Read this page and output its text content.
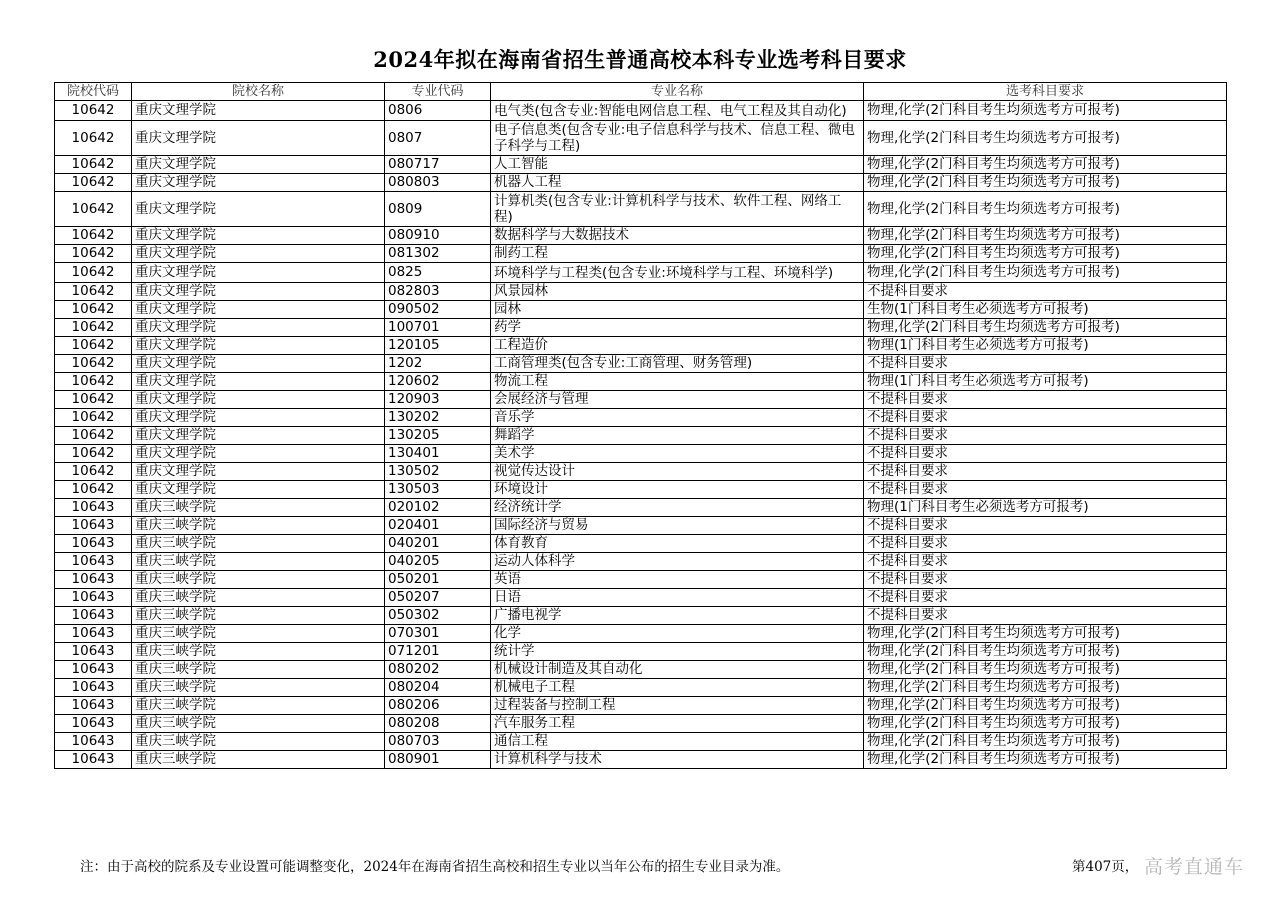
2024年拟在海南省招生普通高校本科专业选考科目要求
院校代码	院校名称	专业代码	专业名称	选考科目要求
10642	重庆文理学院	0806	电气类(包含专业:智能电网信息工程、电气工程及其自动化)	物理,化学(2门科目考生均须选考方可报考)
10642	重庆文理学院	0807	电子信息类(包含专业:电子信息科学与技术、信息工程、微电子科学与工程)	物理,化学(2门科目考生均须选考方可报考)
10642	重庆文理学院	080717	人工智能	物理,化学(2门科目考生均须选考方可报考)
10642	重庆文理学院	080803	机器人工程	物理,化学(2门科目考生均须选考方可报考)
10642	重庆文理学院	0809	计算机类(包含专业:计算机科学与技术、软件工程、网络工程)	物理,化学(2门科目考生均须选考方可报考)
10642	重庆文理学院	080910	数据科学与大数据技术	物理,化学(2门科目考生均须选考方可报考)
10642	重庆文理学院	081302	制药工程	物理,化学(2门科目考生均须选考方可报考)
10642	重庆文理学院	0825	环境科学与工程类(包含专业:环境科学与工程、环境科学)	物理,化学(2门科目考生均须选考方可报考)
10642	重庆文理学院	082803	风景园林	不提科目要求
10642	重庆文理学院	090502	园林	生物(1门科目考生必须选考方可报考)
10642	重庆文理学院	100701	药学	物理,化学(2门科目考生均须选考方可报考)
10642	重庆文理学院	120105	工程造价	物理(1门科目考生必须选考方可报考)
10642	重庆文理学院	1202	工商管理类(包含专业:工商管理、财务管理)	不提科目要求
10642	重庆文理学院	120602	物流工程	物理(1门科目考生必须选考方可报考)
10642	重庆文理学院	120903	会展经济与管理	不提科目要求
10642	重庆文理学院	130202	音乐学	不提科目要求
10642	重庆文理学院	130205	舞蹈学	不提科目要求
10642	重庆文理学院	130401	美术学	不提科目要求
10642	重庆文理学院	130502	视觉传达设计	不提科目要求
10642	重庆文理学院	130503	环境设计	不提科目要求
10643	重庆三峡学院	020102	经济统计学	物理(1门科目考生必须选考方可报考)
10643	重庆三峡学院	020401	国际经济与贸易	不提科目要求
10643	重庆三峡学院	040201	体育教育	不提科目要求
10643	重庆三峡学院	040205	运动人体科学	不提科目要求
10643	重庆三峡学院	050201	英语	不提科目要求
10643	重庆三峡学院	050207	日语	不提科目要求
10643	重庆三峡学院	050302	广播电视学	不提科目要求
10643	重庆三峡学院	070301	化学	物理,化学(2门科目考生均须选考方可报考)
10643	重庆三峡学院	071201	统计学	物理,化学(2门科目考生均须选考方可报考)
10643	重庆三峡学院	080202	机械设计制造及其自动化	物理,化学(2门科目考生均须选考方可报考)
10643	重庆三峡学院	080204	机械电子工程	物理,化学(2门科目考生均须选考方可报考)
10643	重庆三峡学院	080206	过程装备与控制工程	物理,化学(2门科目考生均须选考方可报考)
10643	重庆三峡学院	080208	汽车服务工程	物理,化学(2门科目考生均须选考方可报考)
10643	重庆三峡学院	080703	通信工程	物理,化学(2门科目考生均须选考方可报考)
10643	重庆三峡学院	080901	计算机科学与技术	物理,化学(2门科目考生均须选考方可报考)
注：由于高校的院系及专业设置可能调整变化，2024年在海南省招生高校和招生专业以当年公布的招生专业目录为准。	第407页， 高考直通车
